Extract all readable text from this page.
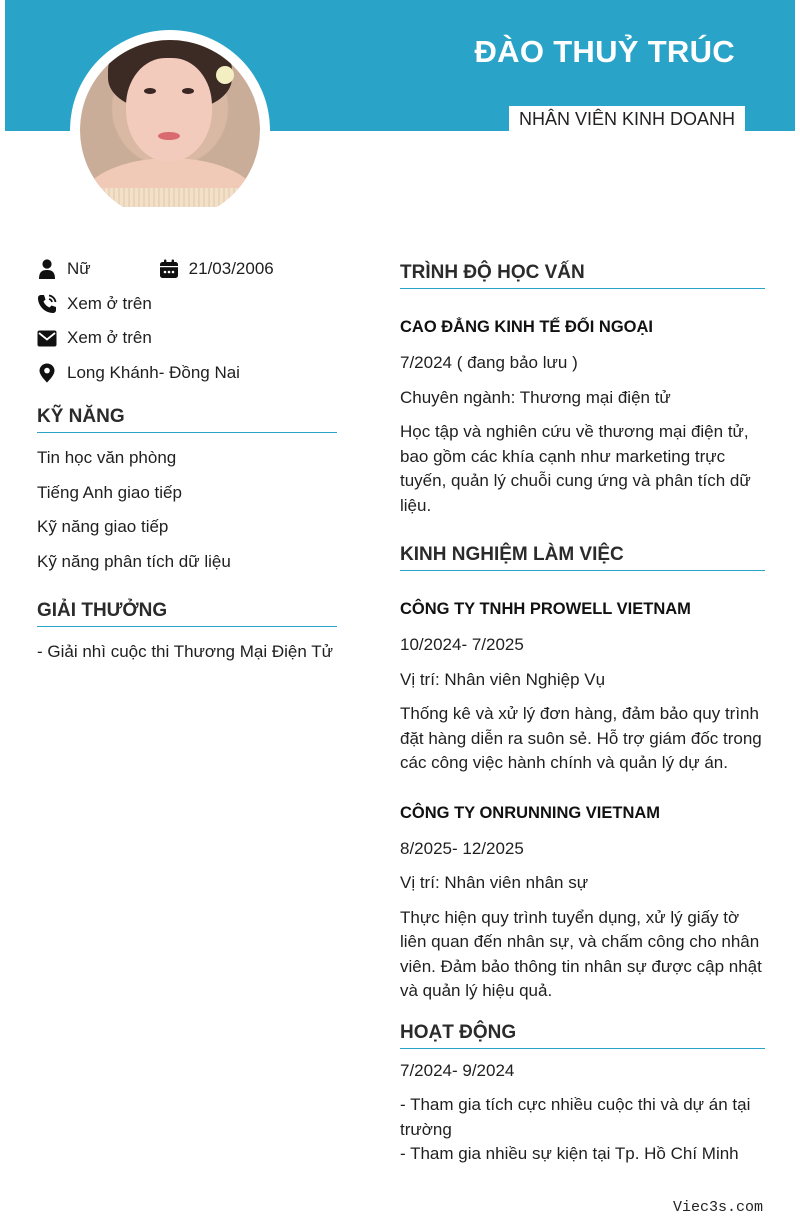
ĐÀO THUỶ TRÚC
NHÂN VIÊN KINH DOANH
Nữ	21/03/2006
Xem ở trên
Xem ở trên
Long Khánh- Đồng Nai
KỸ NĂNG
Tin học văn phòng
Tiếng Anh giao tiếp
Kỹ năng giao tiếp
Kỹ năng phân tích dữ liệu
GIẢI THƯỞNG
- Giải nhì cuộc thi Thương Mại Điện Tử
TRÌNH ĐỘ HỌC VẤN
CAO ĐẲNG KINH TẾ ĐỐI NGOẠI
7/2024 ( đang bảo lưu )
Chuyên ngành: Thương mại điện tử
Học tập và nghiên cứu về thương mại điện tử, bao gồm các khía cạnh như marketing trực tuyến, quản lý chuỗi cung ứng và phân tích dữ liệu.
KINH NGHIỆM LÀM VIỆC
CÔNG TY TNHH PROWELL VIETNAM
10/2024- 7/2025
Vị trí: Nhân viên Nghiệp Vụ
Thống kê và xử lý đơn hàng, đảm bảo quy trình đặt hàng diễn ra suôn sẻ. Hỗ trợ giám đốc trong các công việc hành chính và quản lý dự án.
CÔNG TY ONRUNNING VIETNAM
8/2025- 12/2025
Vị trí: Nhân viên nhân sự
Thực hiện quy trình tuyển dụng, xử lý giấy tờ liên quan đến nhân sự, và chấm công cho nhân viên. Đảm bảo thông tin nhân sự được cập nhật và quản lý hiệu quả.
HOẠT ĐỘNG
7/2024- 9/2024
- Tham gia tích cực nhiều cuộc thi và dự án tại trường
- Tham gia nhiều sự kiện tại Tp. Hồ Chí Minh
Viec3s.com
